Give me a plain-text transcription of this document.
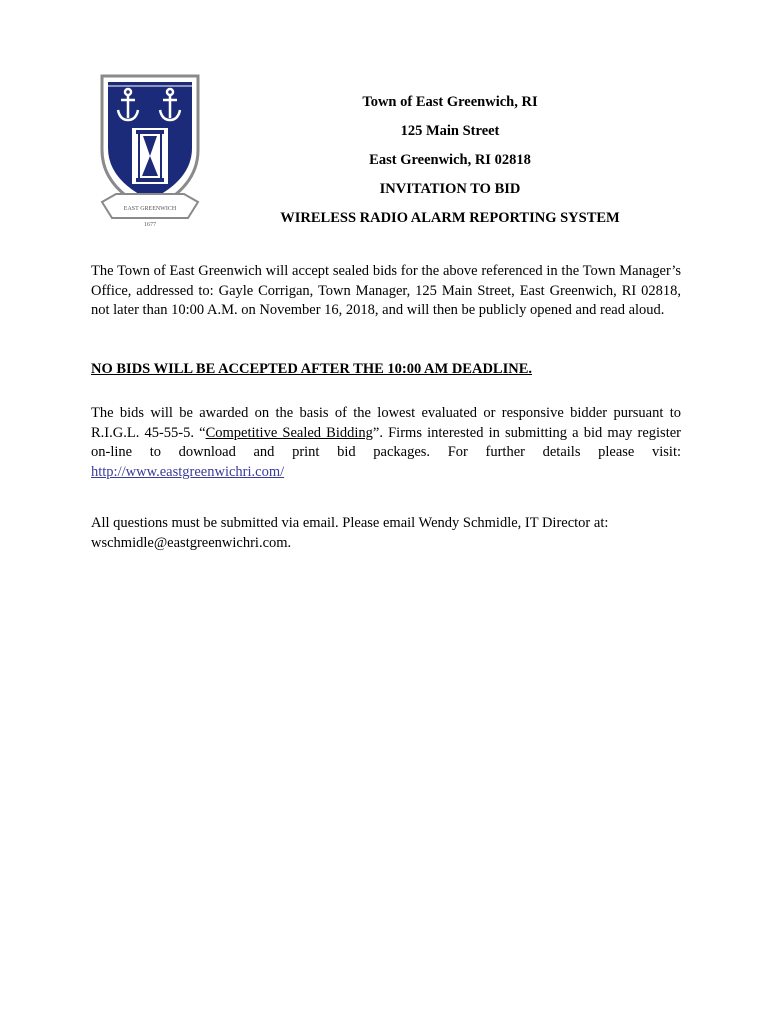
EAST GREENWICH
1677
Town of East Greenwich, RI
125 Main Street
East Greenwich, RI 02818
INVITATION TO BID
WIRELESS RADIO ALARM REPORTING SYSTEM

The Town of East Greenwich will accept sealed bids for the above referenced in the Town Manager’s Office, addressed to: Gayle Corrigan, Town Manager, 125 Main Street, East Greenwich, RI 02818, not later than 10:00 A.M. on November 16, 2018, and will then be publicly opened and read aloud.

NO BIDS WILL BE ACCEPTED AFTER THE 10:00 AM DEADLINE.

The bids will be awarded on the basis of the lowest evaluated or responsive bidder pursuant to R.I.G.L. 45-55-5. “Competitive Sealed Bidding”. Firms interested in submitting a bid may register on-line to download and print bid packages. For further details please visit: http://www.eastgreenwichri.com/

All questions must be submitted via email. Please email Wendy Schmidle, IT Director at: wschmidle@eastgreenwichri.com.
